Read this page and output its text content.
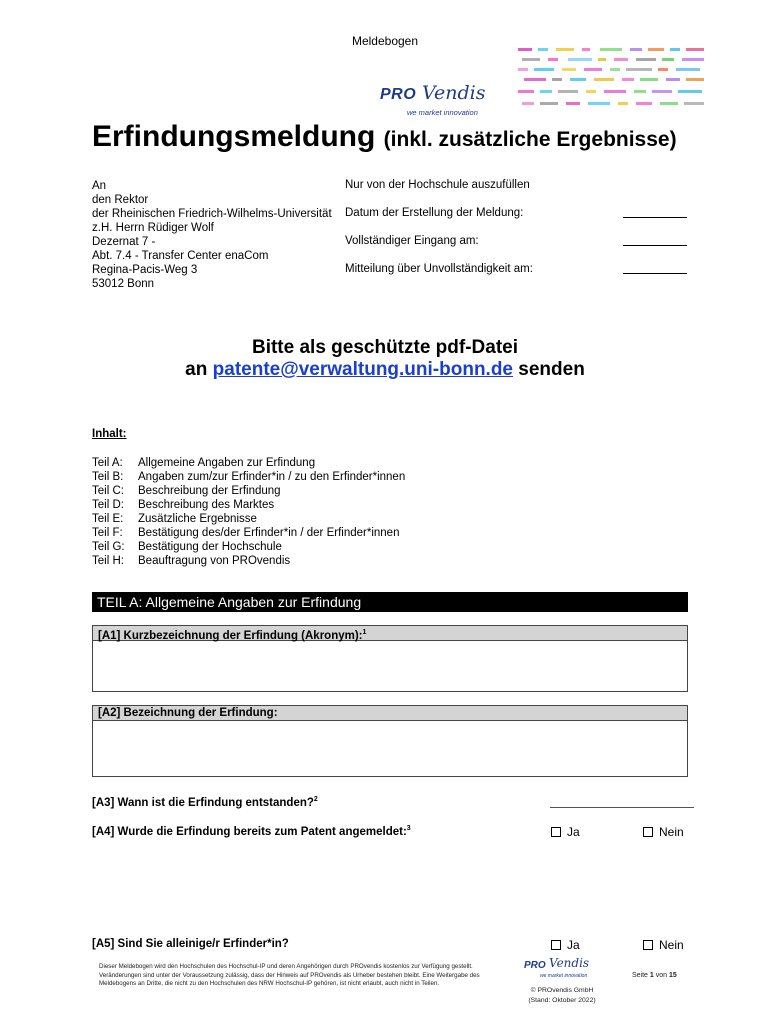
Meldebogen
PRO Vendis
we market innovation
Erfindungsmeldung (inkl. zusätzliche Ergebnisse)
An
den Rektor
der Rheinischen Friedrich-Wilhelms-Universität
z.H. Herrn Rüdiger Wolf
Dezernat 7 -
Abt. 7.4 - Transfer Center enaCom
Regina-Pacis-Weg 3
53012 Bonn
Nur von der Hochschule auszufüllen
Datum der Erstellung der Meldung:
Vollständiger Eingang am:
Mitteilung über Unvollständigkeit am:
Bitte als geschützte pdf-Datei
an patente@verwaltung.uni-bonn.de senden
Inhalt:
Teil A:	Allgemeine Angaben zur Erfindung
Teil B:	Angaben zum/zur Erfinder*in / zu den Erfinder*innen
Teil C:	Beschreibung der Erfindung
Teil D:	Beschreibung des Marktes
Teil E:	Zusätzliche Ergebnisse
Teil F:	Bestätigung des/der Erfinder*in / der Erfinder*innen
Teil G:	Bestätigung der Hochschule
Teil H:	Beauftragung von PROvendis
TEIL A: Allgemeine Angaben zur Erfindung
[A1] Kurzbezeichnung der Erfindung (Akronym):$^1$
[A2] Bezeichnung der Erfindung:
[A3] Wann ist die Erfindung entstanden?$^2$
[A4] Wurde die Erfindung bereits zum Patent angemeldet:$^3$	Ja	Nein
[A5] Sind Sie alleinige/r Erfinder*in?	Ja	Nein
Dieser Meldebogen wird den Hochschulen des Hochschul-IP und deren Angehörigen durch PROvendis kostenlos zur Verfügung gestellt. Veränderungen sind unter der Voraussetzung zulässig, dass der Hinweis auf PROvendis als Urheber bestehen bleibt. Eine Weitergabe des Meldebogens an Dritte, die nicht zu den Hochschulen des NRW Hochschul-IP gehören, ist nicht erlaubt, auch nicht in Teilen.
PRO Vendis
we market innovation	Seite 1 von 15
© PROvendis GmbH
(Stand: Oktober 2022)
